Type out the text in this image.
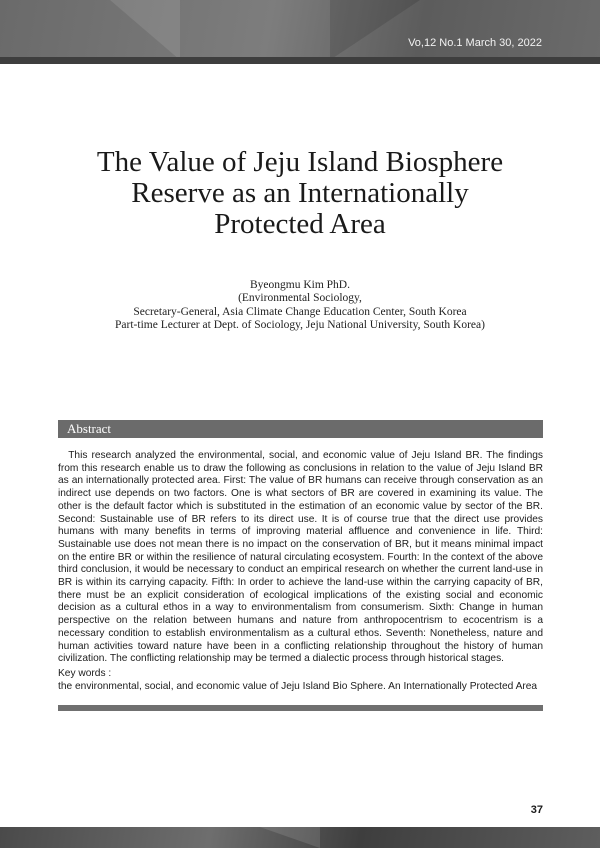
Vo,12 No.1 March 30, 2022
The Value of Jeju Island Biosphere
Reserve as an Internationally
Protected Area
Byeongmu Kim PhD.
(Environmental Sociology,
Secretary-General, Asia Climate Change Education Center, South Korea
Part-time Lecturer at Dept. of Sociology, Jeju National University, South Korea)
Abstract

This research analyzed the environmental, social, and economic value of Jeju Island BR. The findings from this research enable us to draw the following as conclusions in relation to the value of Jeju Island BR as an internationally protected area. First: The value of BR humans can receive through conservation as an indirect use depends on two factors. One is what sectors of BR are covered in examining its value. The other is the default factor which is substituted in the estimation of an economic value by sector of the BR. Second: Sustainable use of BR refers to its direct use. It is of course true that the direct use provides humans with many benefits in terms of improving material affluence and convenience in life. Third: Sustainable use does not mean there is no impact on the conservation of BR, but it means minimal impact on the entire BR or within the resilience of natural circulating ecosystem. Fourth: In the context of the above third conclusion, it would be necessary to conduct an empirical research on whether the current land-use in BR is within its carrying capacity. Fifth: In order to achieve the land-use within the carrying capacity of BR, there must be an explicit consideration of ecological implications of the existing social and economic decision as a cultural ethos in a way to environmentalism from consumerism. Sixth: Change in human perspective on the relation between humans and nature from anthropocentrism to ecocentrism is a necessary condition to establish environmentalism as a cultural ethos. Seventh: Nonetheless, nature and human activities toward nature have been in a conflicting relationship throughout the history of human civilization. The conflicting relationship may be termed a dialectic process through historical stages.

Key words :
the environmental, social, and economic value of Jeju Island Bio Sphere. An Internationally Protected Area
37
